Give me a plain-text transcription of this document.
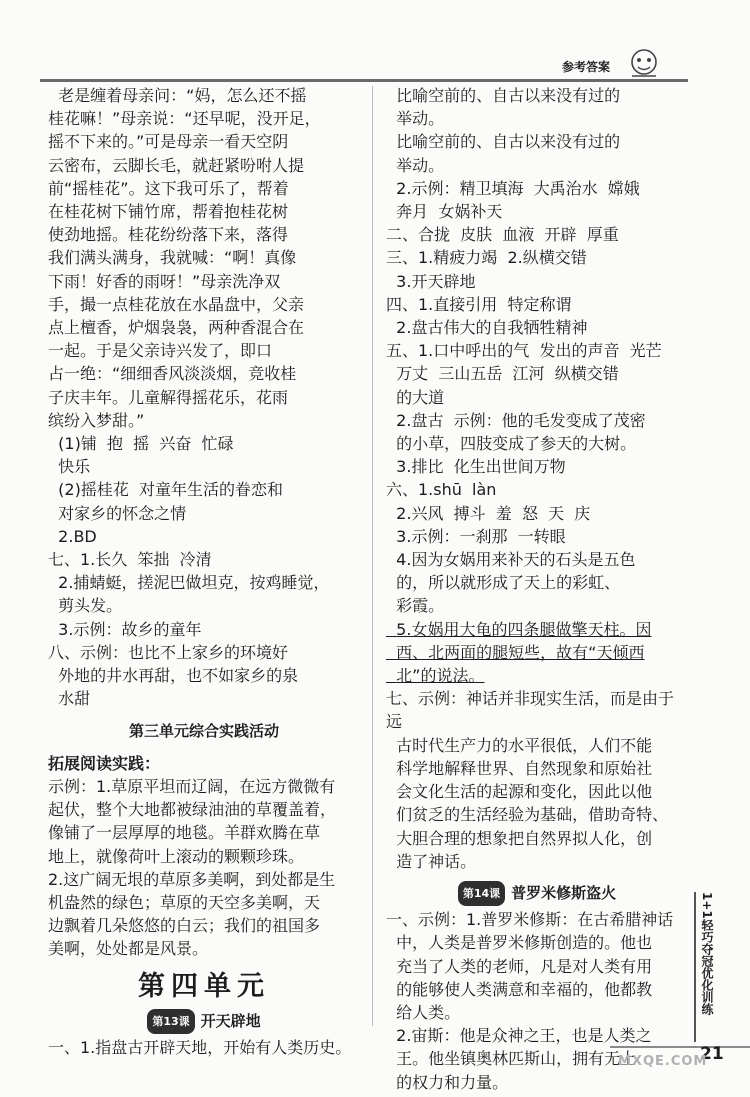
参考答案
老是缠着母亲问：“妈，怎么还不摇
桂花嘛！”母亲说：“还早呢，没开足，
摇不下来的。”可是母亲一看天空阴
云密布，云脚长毛，就赶紧吩咐人提
前“摇桂花”。这下我可乐了，帮着
在桂花树下铺竹席，帮着抱桂花树
使劲地摇。桂花纷纷落下来，落得
我们满头满身，我就喊：“啊！真像
下雨！好香的雨呀！”母亲洗净双
手，撮一点桂花放在水晶盘中，父亲
点上檀香，炉烟袅袅，两种香混合在
一起。于是父亲诗兴发了，即口
占一绝：“细细香风淡淡烟，竞收桂
子庆丰年。儿童解得摇花乐，花雨
缤纷入梦甜。”
(1)铺  抱  摇  兴奋  忙碌
快乐
(2)摇桂花  对童年生活的眷恋和
对家乡的怀念之情
2.BD
七、1.长久  笨拙  冷清
2.捕蜻蜓，搓泥巴做坦克，按鸡睡觉，
剪头发。
3.示例：故乡的童年
八、示例：也比不上家乡的环境好
外地的井水再甜，也不如家乡的泉
水甜
第三单元综合实践活动
拓展阅读实践：
示例：1.草原平坦而辽阔，在远方微微有
起伏，整个大地都被绿油油的草覆盖着，
像铺了一层厚厚的地毯。羊群欢腾在草
地上，就像荷叶上滚动的颗颗珍珠。
2.这广阔无垠的草原多美啊，到处都是生
机盎然的绿色；草原的天空多美啊，天
边飘着几朵悠悠的白云；我们的祖国多
美啊，处处都是风景。
第四单元
第13课 开天辟地
一、1.指盘古开辟天地，开始有人类历史。
比喻空前的、自古以来没有过的
举动。
比喻空前的、自古以来没有过的
举动。
2.示例：精卫填海  大禹治水  嫦娥
奔月  女娲补天
二、合拢  皮肤  血液  开辟  厚重
三、1.精疲力竭  2.纵横交错
3.开天辟地
四、1.直接引用  特定称谓
2.盘古伟大的自我牺牲精神
五、1.口中呼出的气  发出的声音  光芒
万丈  三山五岳  江河  纵横交错
的大道
2.盘古  示例：他的毛发变成了茂密
的小草，四肢变成了参天的大树。
3.排比  化生出世间万物
六、1.shū  làn
2.兴风  搏斗  羞  怒  天  庆
3.示例：一刹那  一转眼
4.因为女娲用来补天的石头是五色
的，所以就形成了天上的彩虹、
彩霞。
5.女娲用大龟的四条腿做擎天柱。因
西、北两面的腿短些，故有“天倾西
北”的说法。
七、示例：神话并非现实生活，而是由于远
古时代生产力的水平很低，人们不能
科学地解释世界、自然现象和原始社
会文化生活的起源和变化，因此以他
们贫乏的生活经验为基础，借助奇特、
大胆合理的想象把自然界拟人化，创
造了神话。
第14课 普罗米修斯盗火
一、示例：1.普罗米修斯：在古希腊神话
中，人类是普罗米修斯创造的。他也
充当了人类的老师，凡是对人类有用
的能够使人类满意和幸福的，他都教
给人类。
2.宙斯：他是众神之王，也是人类之
王。他坐镇奥林匹斯山，拥有无上
的权力和力量。
1+1轻巧夺冠优化训练
21
MXQE.COM
